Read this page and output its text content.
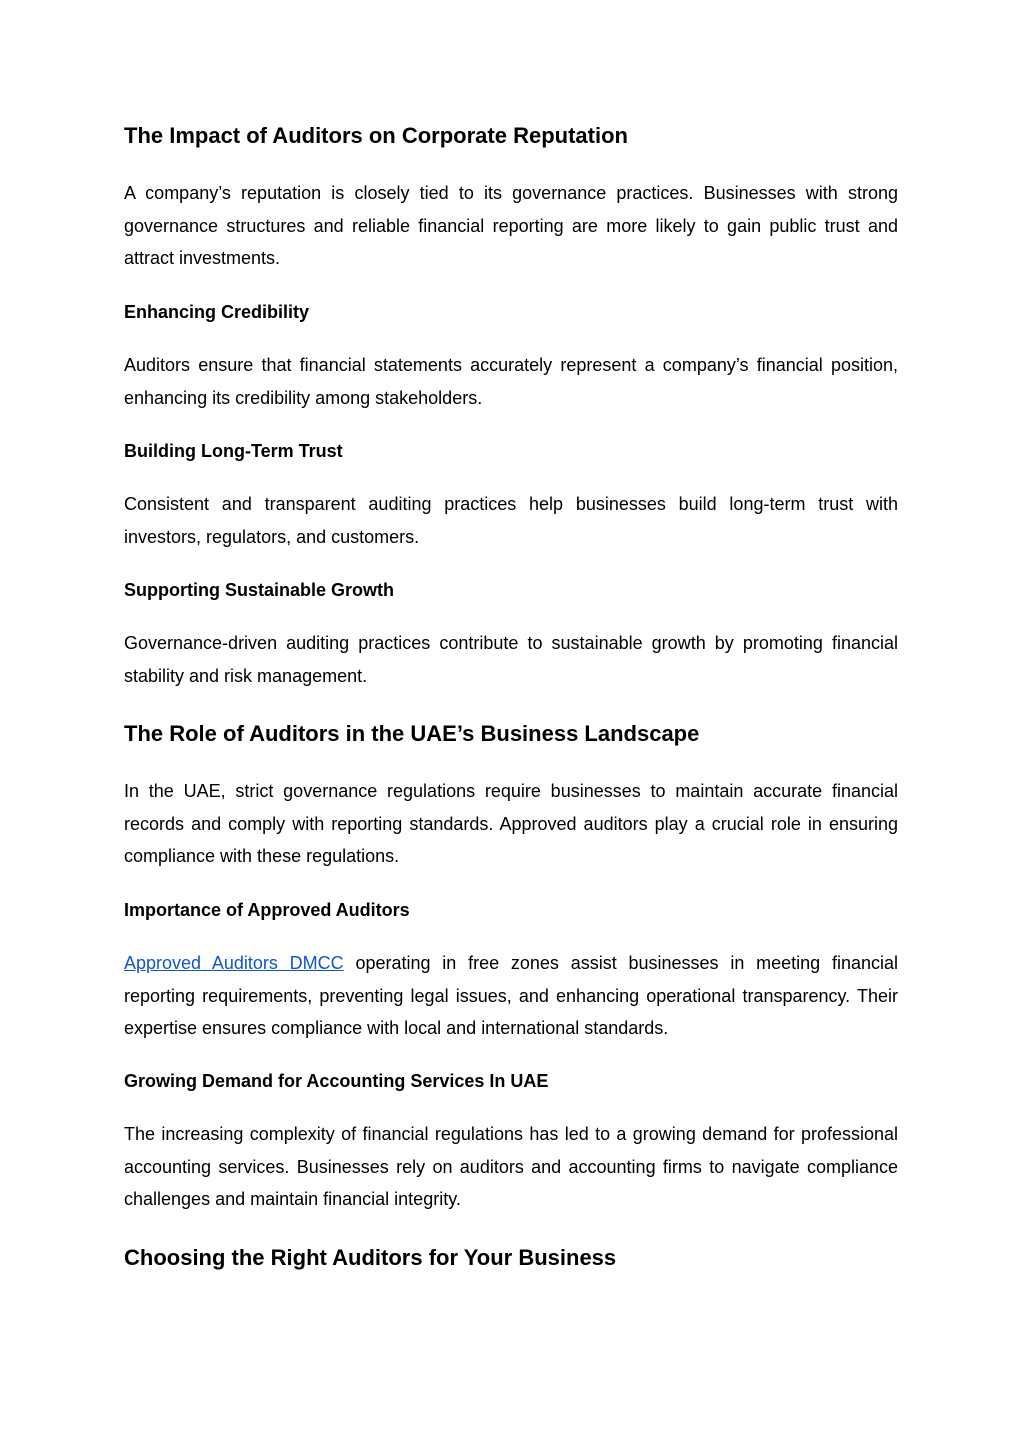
The Impact of Auditors on Corporate Reputation

A company’s reputation is closely tied to its governance practices. Businesses with strong governance structures and reliable financial reporting are more likely to gain public trust and attract investments.

Enhancing Credibility

Auditors ensure that financial statements accurately represent a company’s financial position, enhancing its credibility among stakeholders.

Building Long-Term Trust

Consistent and transparent auditing practices help businesses build long-term trust with investors, regulators, and customers.

Supporting Sustainable Growth

Governance-driven auditing practices contribute to sustainable growth by promoting financial stability and risk management.

The Role of Auditors in the UAE’s Business Landscape

In the UAE, strict governance regulations require businesses to maintain accurate financial records and comply with reporting standards. Approved auditors play a crucial role in ensuring compliance with these regulations.

Importance of Approved Auditors

Approved Auditors DMCC operating in free zones assist businesses in meeting financial reporting requirements, preventing legal issues, and enhancing operational transparency. Their expertise ensures compliance with local and international standards.

Growing Demand for Accounting Services In UAE

The increasing complexity of financial regulations has led to a growing demand for professional accounting services. Businesses rely on auditors and accounting firms to navigate compliance challenges and maintain financial integrity.

Choosing the Right Auditors for Your Business
